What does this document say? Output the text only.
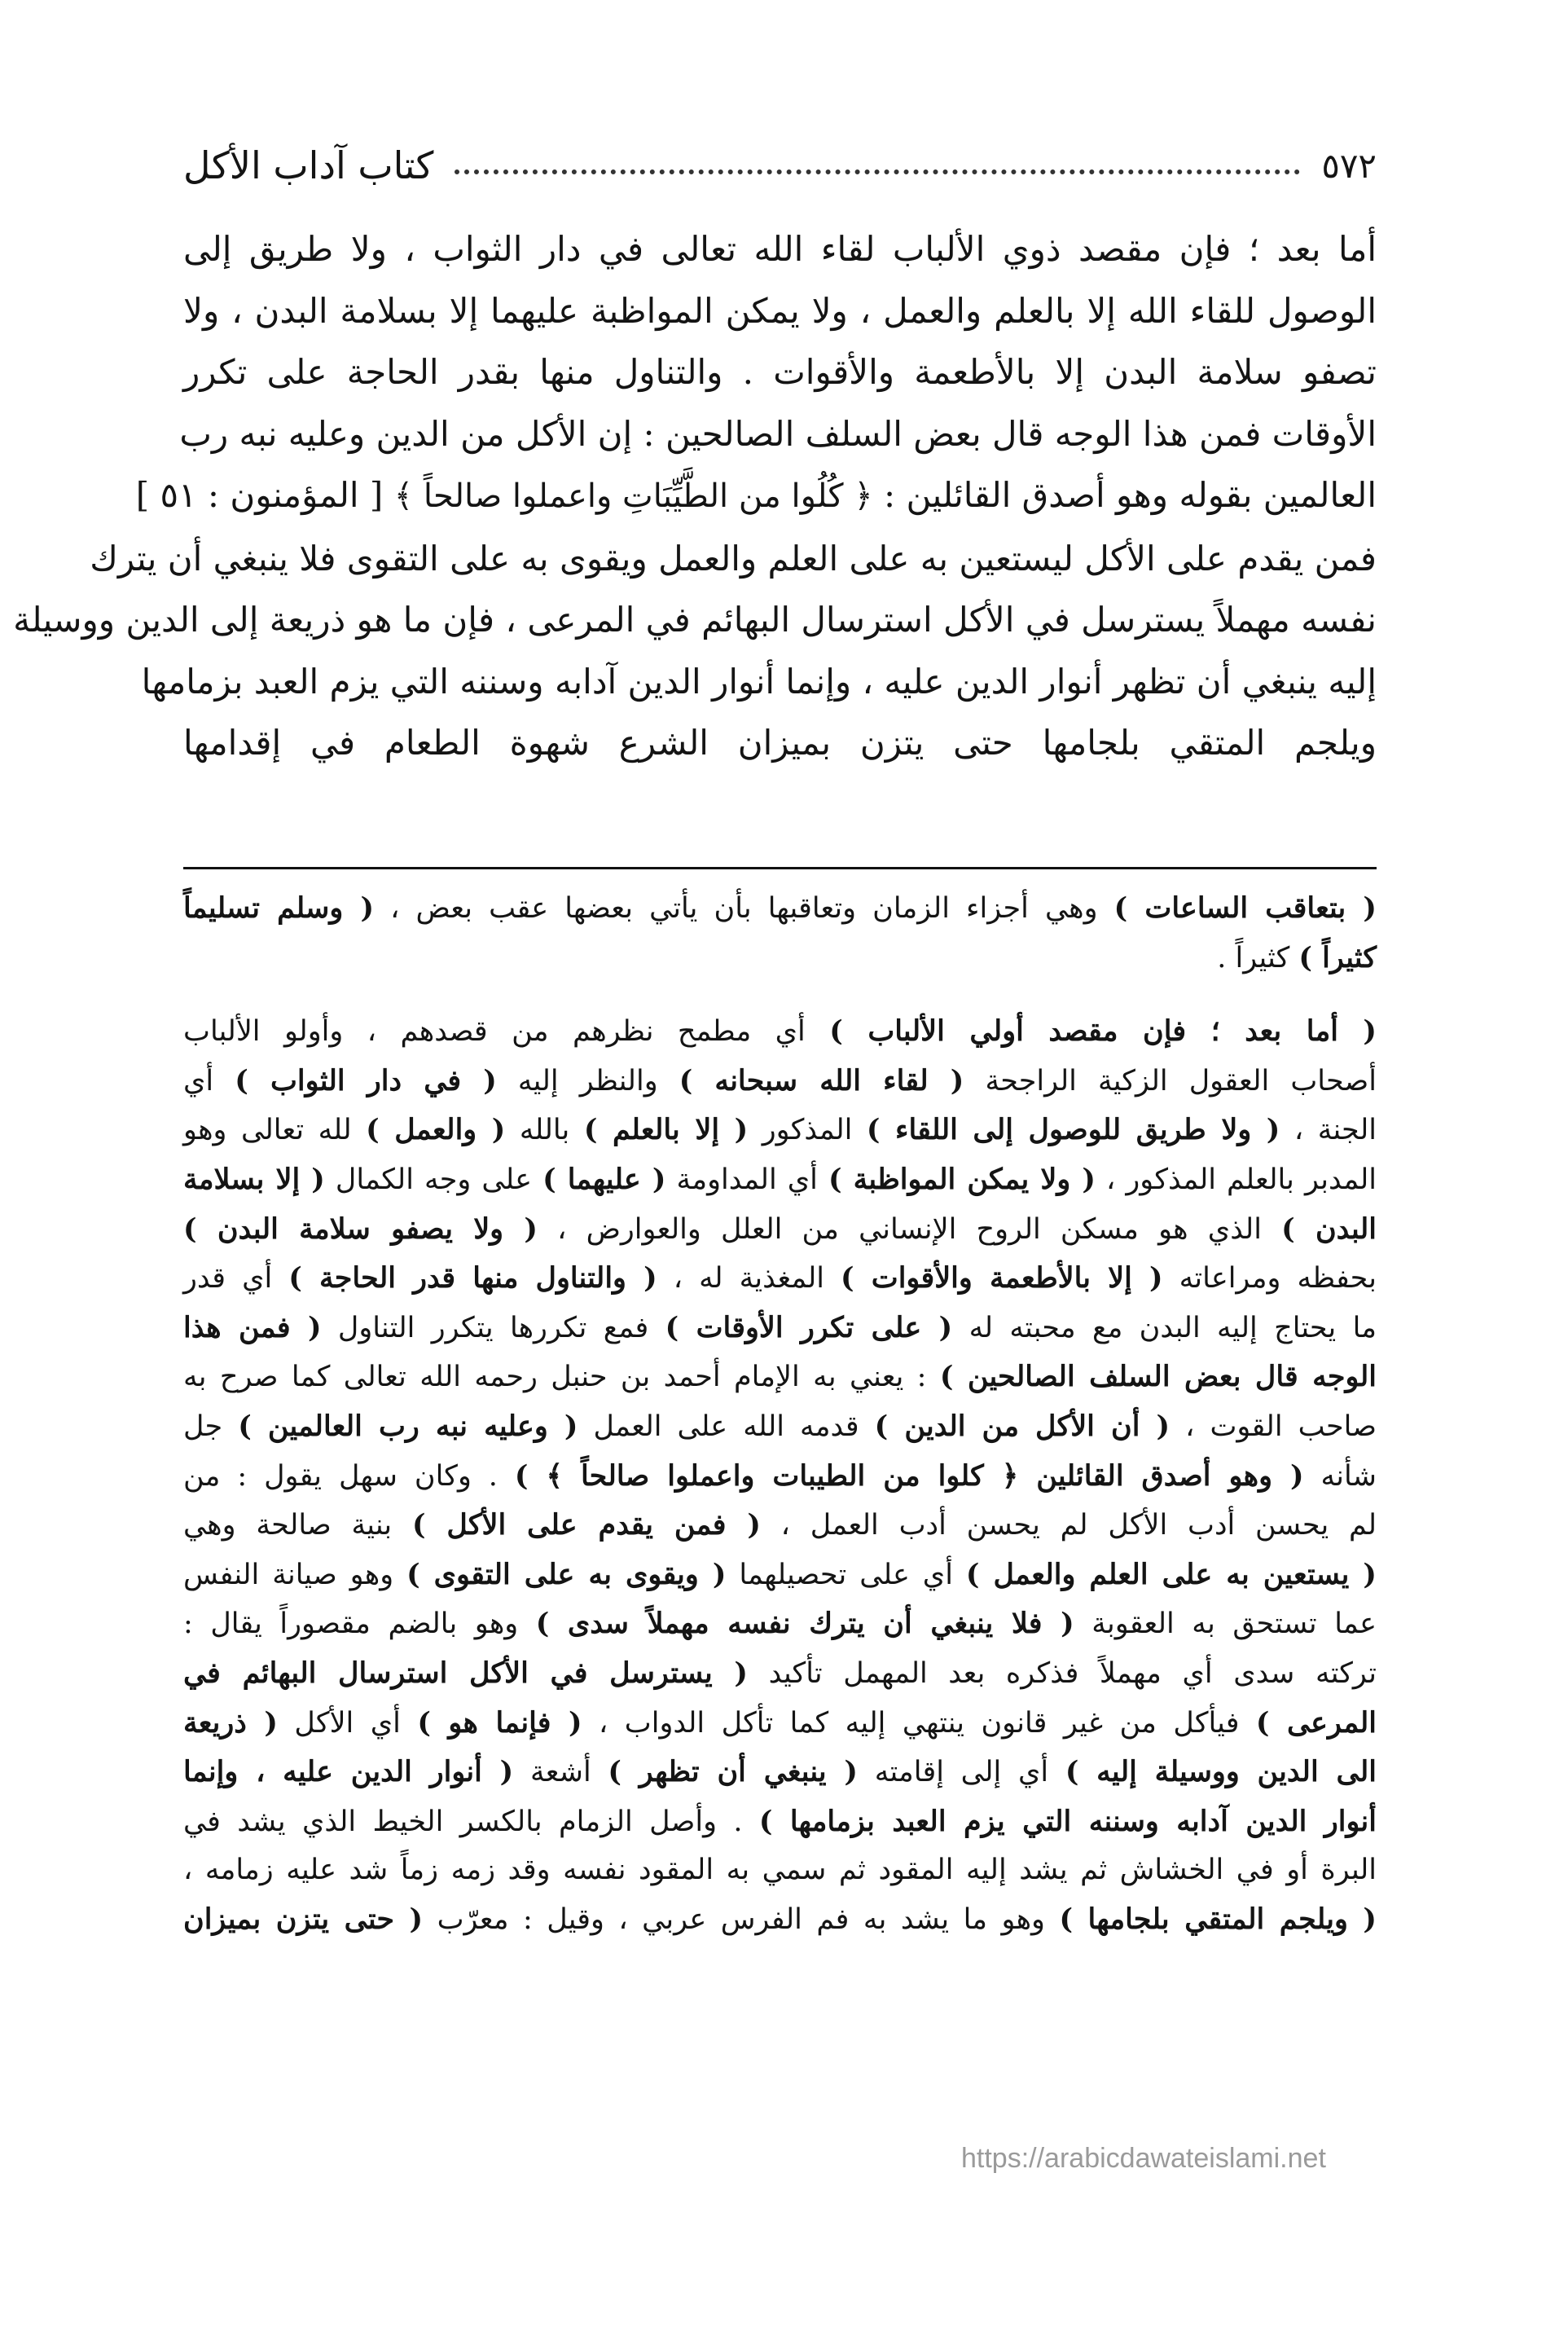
٥٧٢
كتاب آداب الأكل
أما بعد ؛ فإن مقصد ذوي الألباب لقاء الله تعالى في دار الثواب ، ولا طريق إلى
الوصول للقاء الله إلا بالعلم والعمل ، ولا يمكن المواظبة عليهما إلا بسلامة البدن ، ولا
تصفو سلامة البدن إلا بالأطعمة والأقوات . والتناول منها بقدر الحاجة على تكرر
الأوقات فمن هذا الوجه قال بعض السلف الصالحين : إن الأكل من الدين وعليه نبه رب
العالمين بقوله وهو أصدق القائلين : ﴿ كُلُوا من الطَّيِّبَاتِ واعملوا صالحاً ﴾ [ المؤمنون : ٥١ ]
فمن يقدم على الأكل ليستعين به على العلم والعمل ويقوى به على التقوى فلا ينبغي أن يترك
نفسه مهملاً يسترسل في الأكل استرسال البهائم في المرعى ، فإن ما هو ذريعة إلى الدين ووسيلة
إليه ينبغي أن تظهر أنوار الدين عليه ، وإنما أنوار الدين آدابه وسننه التي يزم العبد بزمامها
ويلجم المتقي بلجامها حتى يتزن بميزان الشرع شهوة الطعام في إقدامها
( بتعاقب الساعات ) وهي أجزاء الزمان وتعاقبها بأن يأتي بعضها عقب بعض ، ( وسلم تسليماً
كثيراً ) كثيراً .
( أما بعد ؛ فإن مقصد أولي الألباب ) أي مطمح نظرهم من قصدهم ، وأولو الألباب
أصحاب العقول الزكية الراجحة ( لقاء الله سبحانه ) والنظر إليه ( في دار الثواب ) أي
الجنة ، ( ولا طريق للوصول إلى اللقاء ) المذكور ( إلا بالعلم ) بالله ( والعمل ) لله تعالى وهو
المدبر بالعلم المذكور ، ( ولا يمكن المواظبة ) أي المداومة ( عليهما ) على وجه الكمال ( إلا بسلامة
البدن ) الذي هو مسكن الروح الإنساني من العلل والعوارض ، ( ولا يصفو سلامة البدن )
بحفظه ومراعاته ( إلا بالأطعمة والأقوات ) المغذية له ، ( والتناول منها قدر الحاجة ) أي قدر
ما يحتاج إليه البدن مع محبته له ( على تكرر الأوقات ) فمع تكررها يتكرر التناول ( فمن هذا
الوجه قال بعض السلف الصالحين ) : يعني به الإمام أحمد بن حنبل رحمه الله تعالى كما صرح به
صاحب القوت ، ( أن الأكل من الدين ) قدمه الله على العمل ( وعليه نبه رب العالمين ) جل
شأنه ( وهو أصدق القائلين ﴿ كلوا من الطيبات واعملوا صالحاً ﴾ ) . وكان سهل يقول : من
لم يحسن أدب الأكل لم يحسن أدب العمل ، ( فمن يقدم على الأكل ) بنية صالحة وهي
( يستعين به على العلم والعمل ) أي على تحصيلهما ( ويقوى به على التقوى ) وهو صيانة النفس
عما تستحق به العقوبة ( فلا ينبغي أن يترك نفسه مهملاً سدى ) وهو بالضم مقصوراً يقال :
تركته سدى أي مهملاً فذكره بعد المهمل تأكيد ( يسترسل في الأكل استرسال البهائم في
المرعى ) فيأكل من غير قانون ينتهي إليه كما تأكل الدواب ، ( فإنما هو ) أي الأكل ( ذريعة
الى الدين ووسيلة إليه ) أي إلى إقامته ( ينبغي أن تظهر ) أشعة ( أنوار الدين عليه ، وإنما
أنوار الدين آدابه وسننه التي يزم العبد بزمامها ) . وأصل الزمام بالكسر الخيط الذي يشد في
البرة أو في الخشاش ثم يشد إليه المقود ثم سمي به المقود نفسه وقد زمه زماً شد عليه زمامه ،
( ويلجم المتقي بلجامها ) وهو ما يشد به فم الفرس عربي ، وقيل : معرّب ( حتى يتزن بميزان
https://arabicdawateislami.net
